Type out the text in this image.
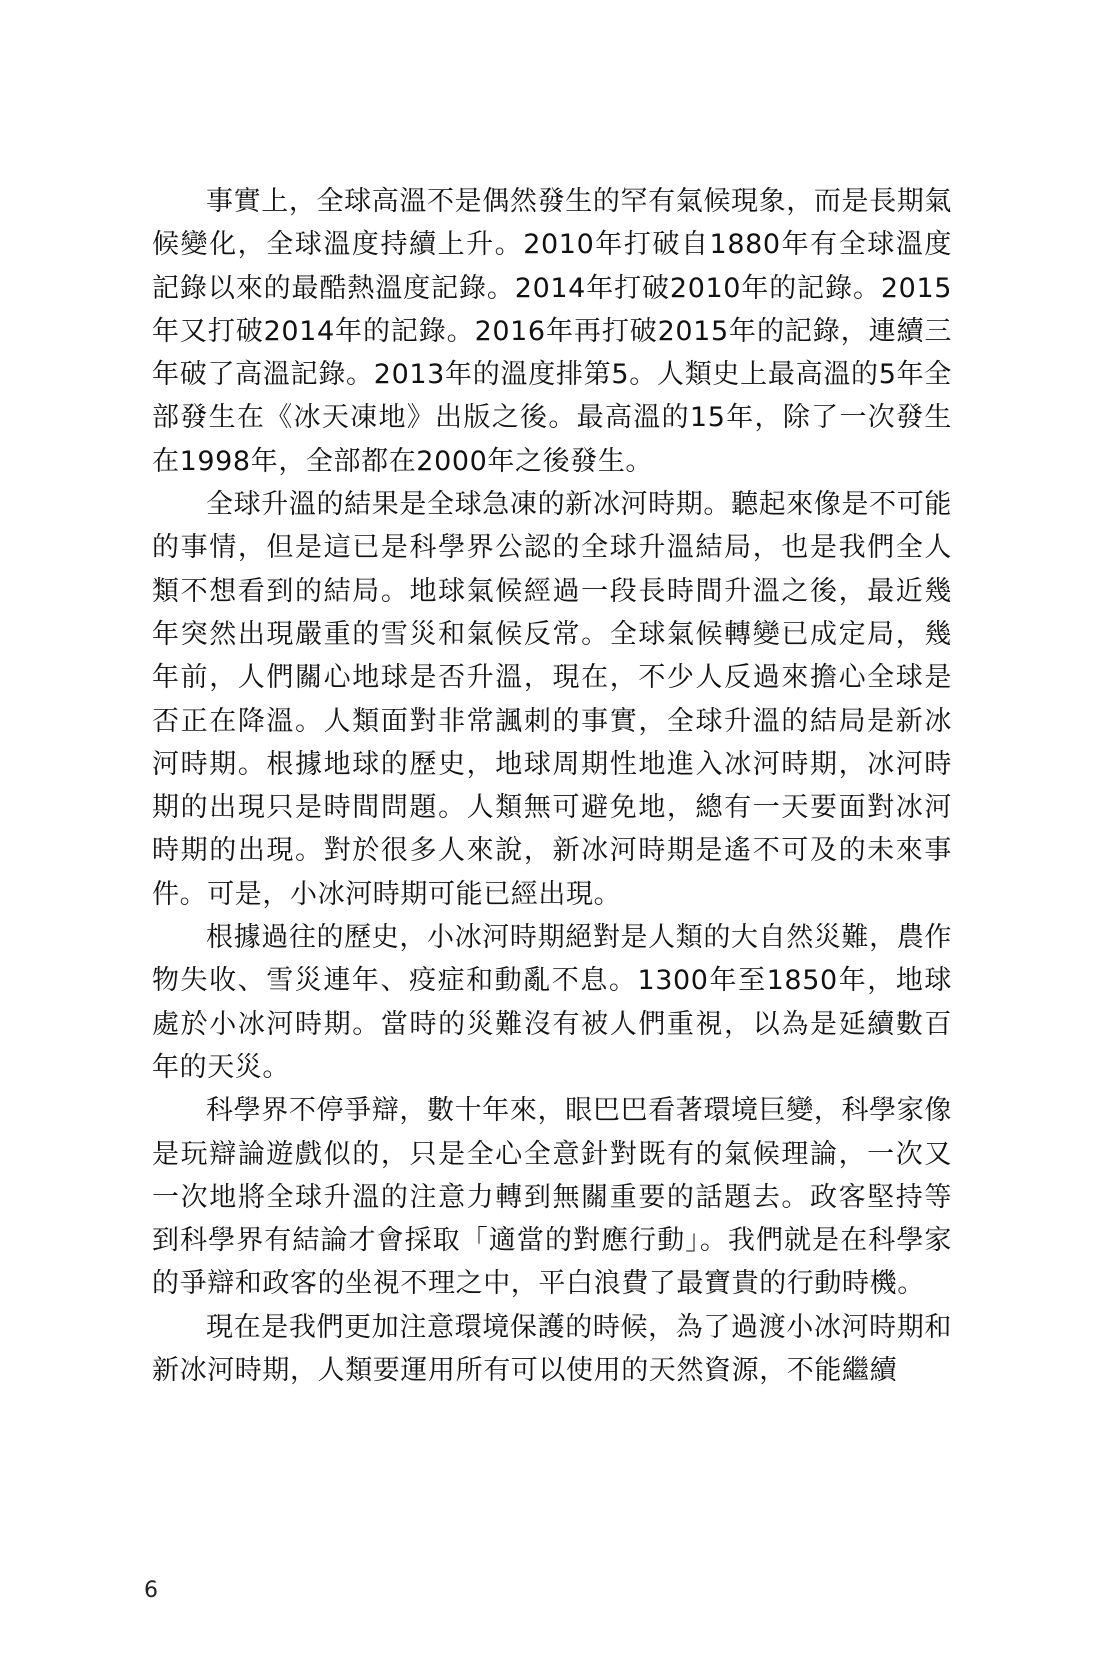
事實上，全球高溫不是偶然發生的罕有氣候現象，而是長期氣候變化，全球溫度持續上升。2010年打破自1880年有全球溫度記錄以來的最酷熱溫度記錄。2014年打破2010年的記錄。2015年又打破2014年的記錄。2016年再打破2015年的記錄，連續三年破了高溫記錄。2013年的溫度排第5。人類史上最高溫的5年全部發生在《冰天凍地》出版之後。最高溫的15年，除了一次發生在1998年，全部都在2000年之後發生。

全球升溫的結果是全球急凍的新冰河時期。聽起來像是不可能的事情，但是這已是科學界公認的全球升溫結局，也是我們全人類不想看到的結局。地球氣候經過一段長時間升溫之後，最近幾年突然出現嚴重的雪災和氣候反常。全球氣候轉變已成定局，幾年前，人們關心地球是否升溫，現在，不少人反過來擔心全球是否正在降溫。人類面對非常諷刺的事實，全球升溫的結局是新冰河時期。根據地球的歷史，地球周期性地進入冰河時期，冰河時期的出現只是時間問題。人類無可避免地，總有一天要面對冰河時期的出現。對於很多人來說，新冰河時期是遙不可及的未來事件。可是，小冰河時期可能已經出現。

根據過往的歷史，小冰河時期絕對是人類的大自然災難，農作物失收、雪災連年、疫症和動亂不息。1300年至1850年，地球處於小冰河時期。當時的災難沒有被人們重視，以為是延續數百年的天災。

科學界不停爭辯，數十年來，眼巴巴看著環境巨變，科學家像是玩辯論遊戲似的，只是全心全意針對既有的氣候理論，一次又一次地將全球升溫的注意力轉到無關重要的話題去。政客堅持等到科學界有結論才會採取「適當的對應行動」。我們就是在科學家的爭辯和政客的坐視不理之中，平白浪費了最寶貴的行動時機。

現在是我們更加注意環境保護的時候，為了過渡小冰河時期和新冰河時期，人類要運用所有可以使用的天然資源，不能繼續

6
